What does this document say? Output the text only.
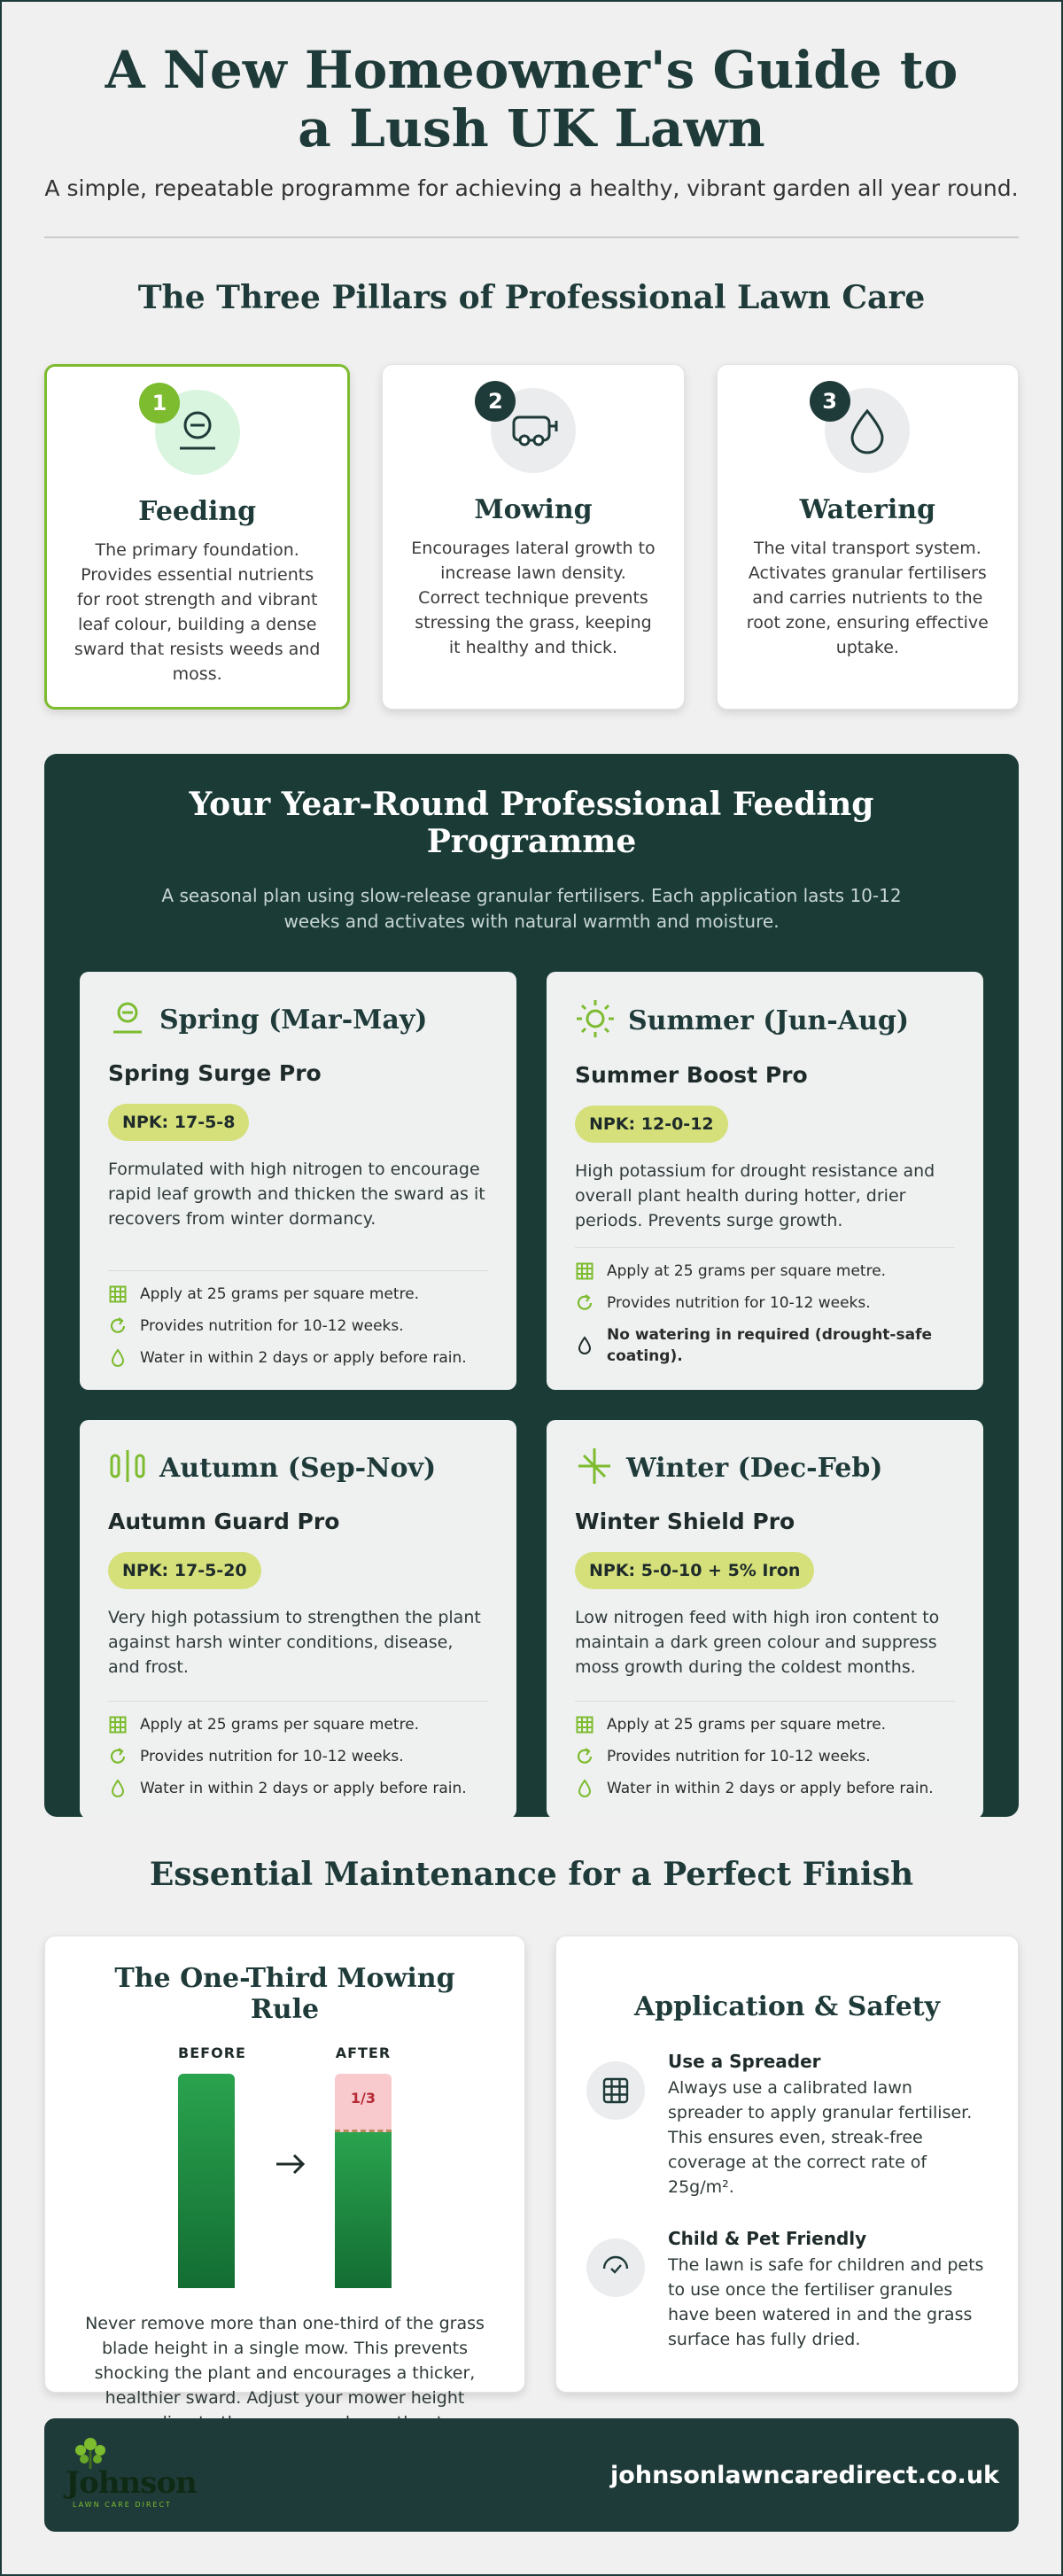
A New Homeowner's Guide to a Lush UK Lawn

A simple, repeatable programme for achieving a healthy, vibrant garden all year round.

The Three Pillars of Professional Lawn Care
1
Feeding

The primary foundation. Provides essential nutrients for root strength and vibrant leaf colour, building a dense sward that resists weeds and moss.

2
Mowing

Encourages lateral growth to increase lawn density. Correct technique prevents stressing the grass, keeping it healthy and thick.

3
Watering

The vital transport system. Activates granular fertilisers and carries nutrients to the root zone, ensuring effective uptake.

Your Year-Round Professional Feeding Programme

A seasonal plan using slow-release granular fertilisers. Each application lasts 10-12 weeks and activates with natural warmth and moisture.

Spring (Mar-May)
Spring Surge Pro
NPK: 17-5-8

Formulated with high nitrogen to encourage rapid leaf growth and thicken the sward as it recovers from winter dormancy.

Apply at 25 grams per square metre.
Provides nutrition for 10-12 weeks.
Water in within 2 days or apply before rain.
Summer (Jun-Aug)
Summer Boost Pro
NPK: 12-0-12

High potassium for drought resistance and overall plant health during hotter, drier periods. Prevents surge growth.

Apply at 25 grams per square metre.
Provides nutrition for 10-12 weeks.
No watering in required (drought-safe coating).
Autumn (Sep-Nov)
Autumn Guard Pro
NPK: 17-5-20

Very high potassium to strengthen the plant against harsh winter conditions, disease, and frost.

Apply at 25 grams per square metre.
Provides nutrition for 10-12 weeks.
Water in within 2 days or apply before rain.
Winter (Dec-Feb)
Winter Shield Pro
NPK: 5-0-10 + 5% Iron

Low nitrogen feed with high iron content to maintain a dark green colour and suppress moss growth during the coldest months.

Apply at 25 grams per square metre.
Provides nutrition for 10-12 weeks.
Water in within 2 days or apply before rain.
Essential Maintenance for a Perfect Finish
The One-Third Mowing Rule
BEFORE	AFTER
1/3

Never remove more than one-third of the grass blade height in a single mow. This prevents shocking the plant and encourages a thicker, healthier sward. Adjust your mower height

Application & Safety
Use a Spreader

Always use a calibrated lawn spreader to apply granular fertiliser. This ensures even, streak-free coverage at the correct rate of 25g/m².

Child & Pet Friendly

The lawn is safe for children and pets to use once the fertiliser granules have been watered in and the grass surface has fully dried.

Johnson
LAWN CARE DIRECT
johnsonlawncaredirect.co.uk
